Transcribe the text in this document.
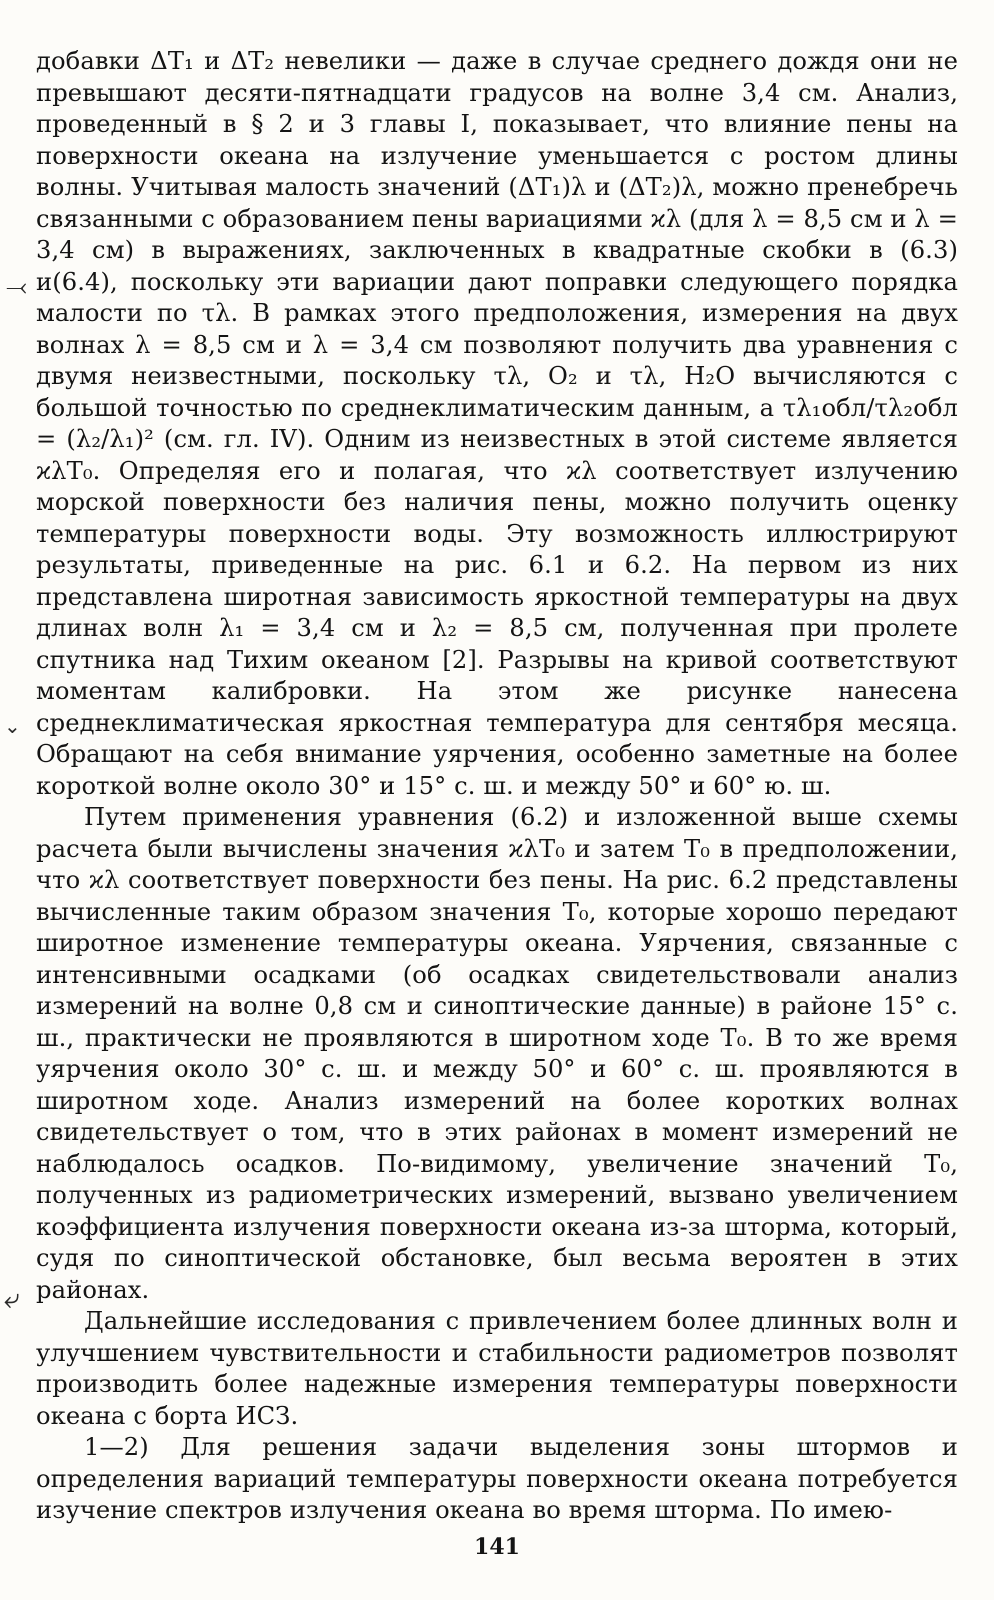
добавки ΔT₁ и ΔT₂ невелики — даже в случае среднего дождя они не превышают десяти-пятнадцати градусов на волне 3,4 см. Анализ, проведенный в § 2 и 3 главы I, показывает, что влияние пены на поверхности океана на излучение уменьшается с ростом длины волны. Учитывая малость значений (ΔT₁)λ и (ΔT₂)λ, можно пренебречь связанными с образованием пены вариациями ϰλ (для λ = 8,5 см и λ = 3,4 см) в выражениях, заключенных в квадратные скобки в (6.3) и(6.4), поскольку эти вариации дают поправки следующего порядка малости по τλ. В рамках этого предположения, измерения на двух волнах λ = 8,5 см и λ = 3,4 см позволяют получить два уравнения с двумя неизвестными, поскольку τλ, O₂ и τλ, H₂O вычисляются с большой точностью по среднеклиматическим данным, а τλ₁обл/τλ₂обл = (λ₂/λ₁)² (см. гл. IV). Одним из неизвестных в этой системе является ϰλT₀. Определяя его и полагая, что ϰλ соответствует излучению морской поверхности без наличия пены, можно получить оценку температуры поверхности воды. Эту возможность иллюстрируют результаты, приведенные на рис. 6.1 и 6.2. На первом из них представлена широтная зависимость яркостной температуры на двух длинах волн λ₁ = 3,4 см и λ₂ = 8,5 см, полученная при пролете спутника над Тихим океаном [2]. Разрывы на кривой соответствуют моментам калибровки. На этом же рисунке нанесена среднеклиматическая яркостная температура для сентября месяца. Обращают на себя внимание уярчения, особенно заметные на более короткой волне около 30° и 15° с. ш. и между 50° и 60° ю. ш.

Путем применения уравнения (6.2) и изложенной выше схемы расчета были вычислены значения ϰλT₀ и затем T₀ в предположении, что ϰλ соответствует поверхности без пены. На рис. 6.2 представлены вычисленные таким образом значения T₀, которые хорошо передают широтное изменение температуры океана. Уярчения, связанные с интенсивными осадками (об осадках свидетельствовали анализ измерений на волне 0,8 см и синоптические данные) в районе 15° с. ш., практически не проявляются в широтном ходе T₀. В то же время уярчения около 30° с. ш. и между 50° и 60° с. ш. проявляются в широтном ходе. Анализ измерений на более коротких волнах свидетельствует о том, что в этих районах в момент измерений не наблюдалось осадков. По-видимому, увеличение значений T₀, полученных из радиометрических измерений, вызвано увеличением коэффициента излучения поверхности океана из-за шторма, который, судя по синоптической обстановке, был весьма вероятен в этих районах.

Дальнейшие исследования с привлечением более длинных волн и улучшением чувствительности и стабильности радиометров позволят производить более надежные измерения температуры поверхности океана с борта ИСЗ.

1—2) Для решения задачи выделения зоны штормов и определения вариаций температуры поверхности океана потребуется изучение спектров излучения океана во время шторма. По имею-

⤙
⌄
⤶
141
